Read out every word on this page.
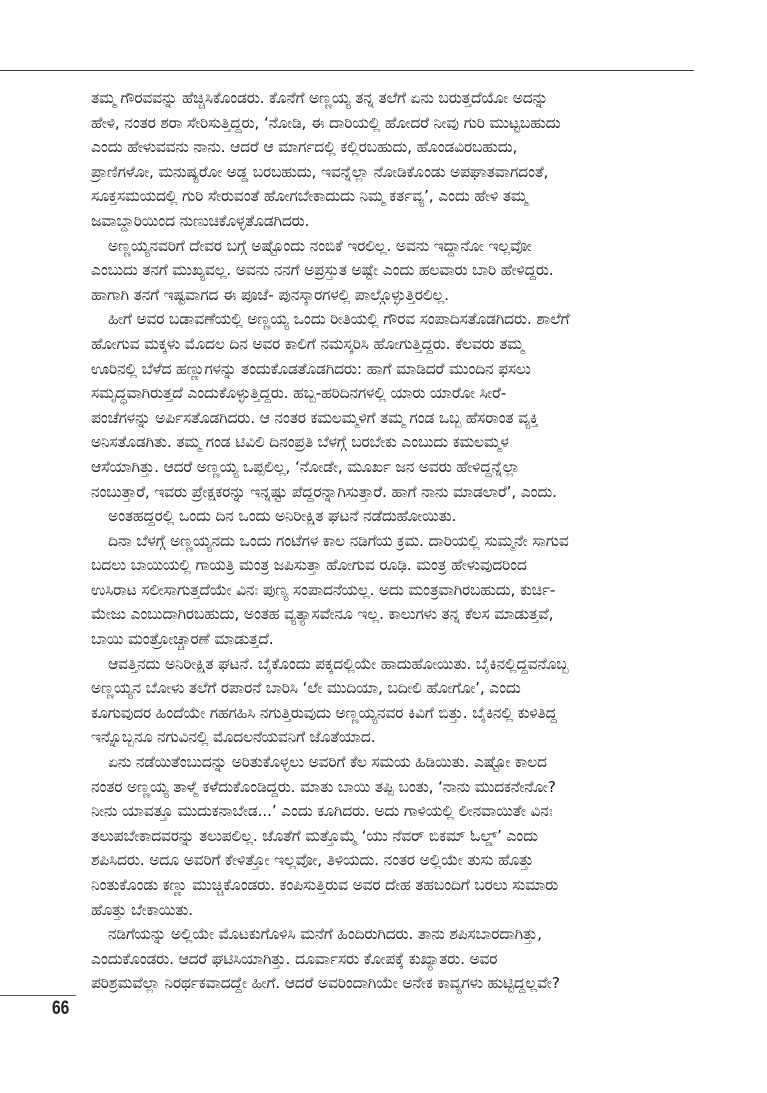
ತಮ್ಮ ಗೌರವವನ್ನು ಹೆಚ್ಚಿಸಿಕೊಂಡರು. ಕೊನೆಗೆ ಅಣ್ಣಯ್ಯ ತನ್ನ ತಲೆಗೆ ಏನು ಬರುತ್ತದೆಯೋ ಅದನ್ನು
ಹೇಳಿ, ನಂತರ ಶರಾ ಸೇರಿಸುತ್ತಿದ್ದರು, ‘ನೋಡಿ, ಈ ದಾರಿಯಲ್ಲಿ ಹೋದರೆ ನೀವು ಗುರಿ ಮುಟ್ಟಬಹುದು
ಎಂದು ಹೇಳುವವನು ನಾನು. ಆದರೆ ಆ ಮಾರ್ಗದಲ್ಲಿ ಕಲ್ಲಿರಬಹುದು, ಹೊಂಡವಿರಬಹುದು,
ಪ್ರಾಣಿಗಳೋ, ಮನುಷ್ಯರೋ ಅಡ್ಡ ಬರಬಹುದು, ಇವನ್ನೆಲ್ಲಾ ನೋಡಿಕೊಂಡು ಅಪಘಾತವಾಗದಂತೆ,
ಸೂಕ್ತಸಮಯದಲ್ಲಿ ಗುರಿ ಸೇರುವಂತೆ ಹೋಗಬೇಕಾದುದು ನಿಮ್ಮ ಕರ್ತವ್ಯ’, ಎಂದು ಹೇಳಿ ತಮ್ಮ
ಜವಾಬ್ದಾರಿಯಿಂದ ನುಣುಚಿಕೊಳ್ಳತೊಡಗಿದರು.
ಅಣ್ಣಯ್ಯನವರಿಗೆ ದೇವರ ಬಗ್ಗೆ ಅಷ್ಟೊಂದು ನಂಬಿಕೆ ಇರಲಿಲ್ಲ. ಅವನು ಇದ್ದಾನೋ ಇಲ್ಲವೋ
ಎಂಬುದು ತನಗೆ ಮುಖ್ಯವಲ್ಲ. ಅವನು ನನಗೆ ಅಪ್ರಸ್ತುತ ಅಷ್ಟೇ ಎಂದು ಹಲವಾರು ಬಾರಿ ಹೇಳಿದ್ದರು.
ಹಾಗಾಗಿ ತನಗೆ ಇಷ್ಟವಾಗದ ಈ ಪೂಜೆ- ಪುನಸ್ಕಾರಗಳಲ್ಲಿ ಪಾಲ್ಗೊಳ್ಳುತ್ತಿರಲಿಲ್ಲ.
ಹೀಗೆ ಅವರ ಬಡಾವಣೆಯಲ್ಲಿ ಅಣ್ಣಯ್ಯ ಒಂದು ರೀತಿಯಲ್ಲಿ ಗೌರವ ಸಂಪಾದಿಸತೊಡಗಿದರು. ಶಾಲೆಗೆ
ಹೋಗುವ ಮಕ್ಕಳು ಮೊದಲ ದಿನ ಅವರ ಕಾಲಿಗೆ ನಮಸ್ಕರಿಸಿ ಹೋಗುತ್ತಿದ್ದರು. ಕೆಲವರು ತಮ್ಮ
ಊರಿನಲ್ಲಿ ಬೆಳೆದ ಹಣ್ಣುಗಳನ್ನು ತಂದುಕೊಡತೊಡಗಿದರು: ಹಾಗೆ ಮಾಡಿದರೆ ಮುಂದಿನ ಫಸಲು
ಸಮೃದ್ಧವಾಗಿರುತ್ತದೆ ಎಂದುಕೊಳ್ಳುತ್ತಿದ್ದರು. ಹಬ್ಬ-ಹರಿದಿನಗಳಲ್ಲಿ ಯಾರು ಯಾರೋ ಸೀರೆ-
ಪಂಚೆಗಳನ್ನು ಅರ್ಪಿಸತೊಡಗಿದರು. ಆ ನಂತರ ಕಮಲಮ್ಮಳಿಗೆ ತಮ್ಮ ಗಂಡ ಒಬ್ಬ ಹೆಸರಾಂತ ವ್ಯಕ್ತಿ
ಅನಿಸತೊಡಗಿತು. ತಮ್ಮ ಗಂಡ ಟಿವಿಲಿ ದಿನಂಪ್ರತಿ ಬೆಳಗ್ಗೆ ಬರಬೇಕು ಎಂಬುದು ಕಮಲಮ್ಮಳ
ಆಸೆಯಾಗಿತ್ತು. ಆದರೆ ಅಣ್ಣಯ್ಯ ಒಪ್ಪಲಿಲ್ಲ, ‘ನೋಡೇ, ಮೂರ್ಖ ಜನ ಅವರು ಹೇಳಿದ್ದನ್ನೆಲ್ಲಾ
ನಂಬುತ್ತಾರೆ, ಇವರು ಪ್ರೇಕ್ಷಕರನ್ನು ಇನ್ನಷ್ಟು ಪೆದ್ದರನ್ನಾಗಿಸುತ್ತಾರೆ. ಹಾಗೆ ನಾನು ಮಾಡಲಾರೆ’, ಎಂದು.
ಅಂತಹದ್ದರಲ್ಲಿ ಒಂದು ದಿನ ಒಂದು ಅನಿರೀಕ್ಷಿತ ಘಟನೆ ನಡೆದುಹೋಯಿತು.
ದಿನಾ ಬೆಳಗ್ಗೆ ಅಣ್ಣಯ್ಯನದು ಒಂದು ಗಂಟೆಗಳ ಕಾಲ ನಡಿಗೆಯ ಕ್ರಮ. ದಾರಿಯಲ್ಲಿ ಸುಮ್ಮನೇ ಸಾಗುವ
ಬದಲು ಬಾಯಿಯಲ್ಲಿ ಗಾಯತ್ರಿ ಮಂತ್ರ ಜಪಿಸುತ್ತಾ ಹೋಗುವ ರೂಢಿ. ಮಂತ್ರ ಹೇಳುವುದರಿಂದ
ಉಸಿರಾಟ ಸಲೀಸಾಗುತ್ತದೆಯೇ ವಿನಃ ಪುಣ್ಯ ಸಂಪಾದನೆಯಲ್ಲ. ಅದು ಮಂತ್ರವಾಗಿರಬಹುದು, ಕುರ್ಚಿ-
ಮೇಜು ಎಂಬುದಾಗಿರಬಹುದು, ಅಂತಹ ವ್ಯತ್ಯಾಸವೇನೂ ಇಲ್ಲ. ಕಾಲುಗಳು ತನ್ನ ಕೆಲಸ ಮಾಡುತ್ತವೆ,
ಬಾಯಿ ಮಂತ್ರೋಚ್ಚಾರಣೆ ಮಾಡುತ್ತದೆ.
ಆವತ್ತಿನದು ಅನಿರೀಕ್ಷಿತ ಘಟನೆ. ಬೈಕೊಂದು ಪಕ್ಕದಲ್ಲಿಯೇ ಹಾದುಹೋಯಿತು. ಬೈಕಿನಲ್ಲಿದ್ದವನೊಬ್ಬ
ಅಣ್ಣಯ್ಯನ ಬೋಳು ತಲೆಗೆ ರಪಾರನೆ ಬಾರಿಸಿ ‘ಲೇ ಮುದಿಯಾ, ಬದೀಲಿ ಹೋಗೋ’, ಎಂದು
ಕೂಗುವುದರ ಹಿಂದೆಯೇ ಗಹಗಹಿಸಿ ನಗುತ್ತಿರುವುದು ಅಣ್ಣಯ್ಯನವರ ಕಿವಿಗೆ ಬಿತ್ತು. ಬೈಕಿನಲ್ಲಿ ಕುಳಿತಿದ್ದ
ಇನ್ನೊಬ್ಬನೂ ನಗುವಿನಲ್ಲಿ ಮೊದಲನೆಯವನಿಗೆ ಜೊತೆಯಾದ.
ಏನು ನಡೆಯಿತೆಂಬುದನ್ನು ಅರಿತುಕೊಳ್ಳಲು ಅವರಿಗೆ ಕೆಲ ಸಮಯ ಹಿಡಿಯಿತು. ಎಷ್ಟೋ ಕಾಲದ
ನಂತರ ಅಣ್ಣಯ್ಯ ತಾಳ್ಮೆ ಕಳೆದುಕೊಂಡಿದ್ದರು. ಮಾತು ಬಾಯಿ ತಪ್ಪಿ ಬಂತು, ‘ನಾನು ಮುದಕನೇನೋ?
ನೀನು ಯಾವತ್ತೂ ಮುದುಕನಾಬೇಡ...’ ಎಂದು ಕೂಗಿದರು. ಅದು ಗಾಳಿಯಲ್ಲಿ ಲೀನವಾಯಿತೇ ವಿನಃ
ತಲುಪಬೇಕಾದವರನ್ನು ತಲುಪಲಿಲ್ಲ. ಜೊತೆಗೆ ಮತ್ತೊಮ್ಮೆ ‘ಯು ನೆವರ್ ಬಿಕಮ್ ಓಲ್ಡ್’ ಎಂದು
ಶಪಿಸಿದರು. ಅದೂ ಅವರಿಗೆ ಕೇಳಿತ್ತೋ ಇಲ್ಲವೋ, ತಿಳಿಯದು. ನಂತರ ಅಲ್ಲಿಯೇ ತುಸು ಹೊತ್ತು
ನಿಂತುಕೊಂಡು ಕಣ್ಣು ಮುಚ್ಚಿಕೊಂಡರು. ಕಂಪಿಸುತ್ತಿರುವ ಅವರ ದೇಹ ತಹಬಂದಿಗೆ ಬರಲು ಸುಮಾರು
ಹೊತ್ತು ಬೇಕಾಯಿತು.
ನಡಿಗೆಯನ್ನು ಅಲ್ಲಿಯೇ ಮೊಟಕುಗೊಳಿಸಿ ಮನೆಗೆ ಹಿಂದಿರುಗಿದರು. ತಾನು ಶಪಿಸಬಾರದಾಗಿತ್ತು,
ಎಂದುಕೊಂಡರು. ಆದರೆ ಘಟಿಸಿಯಾಗಿತ್ತು. ದೂರ್ವಾಸರು ಕೋಪಕ್ಕೆ ಕುಖ್ಯಾತರು. ಅವರ
ಪರಿಶ್ರಮವೆಲ್ಲಾ ನಿರರ್ಥಕವಾದದ್ದೇ ಹೀಗೆ. ಆದರೆ ಅವರಿಂದಾಗಿಯೇ ಅನೇಕ ಕಾವ್ಯಗಳು ಹುಟ್ಟಿದ್ದಲ್ಲವೇ?
66
